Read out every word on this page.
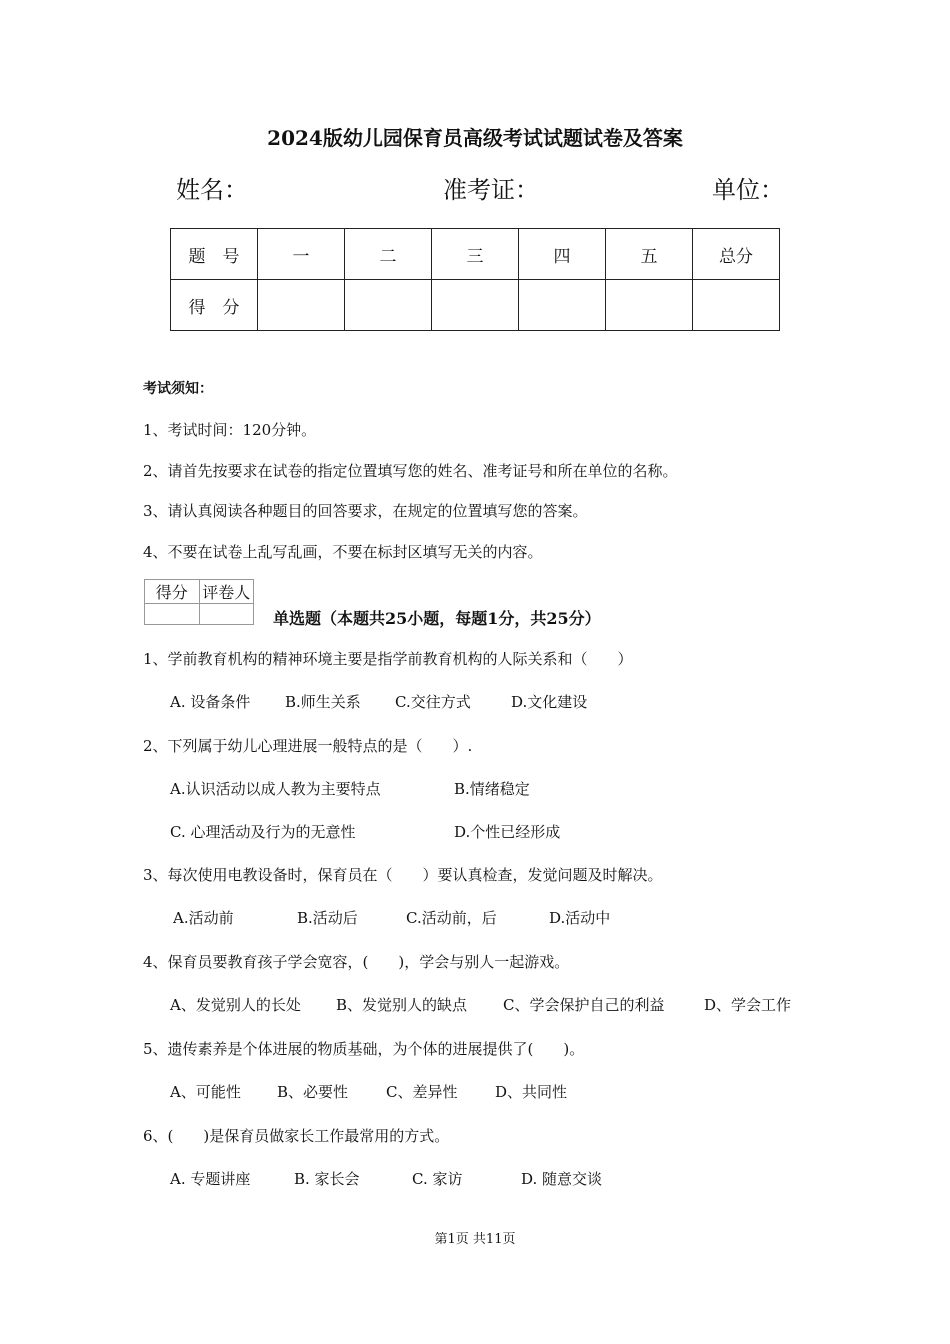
2024版幼儿园保育员高级考试试题试卷及答案
姓名：	准考证：	单位：
题　号	一	二	三	四	五	总分
得　分						
考试须知：
1、考试时间：120分钟。
2、请首先按要求在试卷的指定位置填写您的姓名、准考证号和所在单位的名称。
3、请认真阅读各种题目的回答要求，在规定的位置填写您的答案。
4、不要在试卷上乱写乱画，不要在标封区填写无关的内容。
得分	评卷人

单选题（本题共25小题，每题1分，共25分）
1、学前教育机构的精神环境主要是指学前教育机构的人际关系和（　　）
A. 设备条件 B.师生关系 C.交往方式	D.文化建设
2、下列属于幼儿心理进展一般特点的是（　　）.
A.认识活动以成人教为主要特点	B.情绪稳定
C. 心理活动及行为的无意性	D.个性已经形成
3、每次使用电教设备时，保育员在（　　）要认真检查，发觉问题及时解决。
A.活动前	B.活动后	C.活动前，后	D.活动中
4、保育员要教育孩子学会宽容，(　　)，学会与别人一起游戏。
A、发觉别人的长处 B、发觉别人的缺点 C、学会保护自己的利益	D、学会工作
5、遗传素养是个体进展的物质基础，为个体的进展提供了(　　)。
A、可能性 B、必要性	C、差异性	D、共同性
6、(　　)是保育员做家长工作最常用的方式。
A. 专题讲座	B. 家长会	C. 家访	D. 随意交谈
第1页 共11页
